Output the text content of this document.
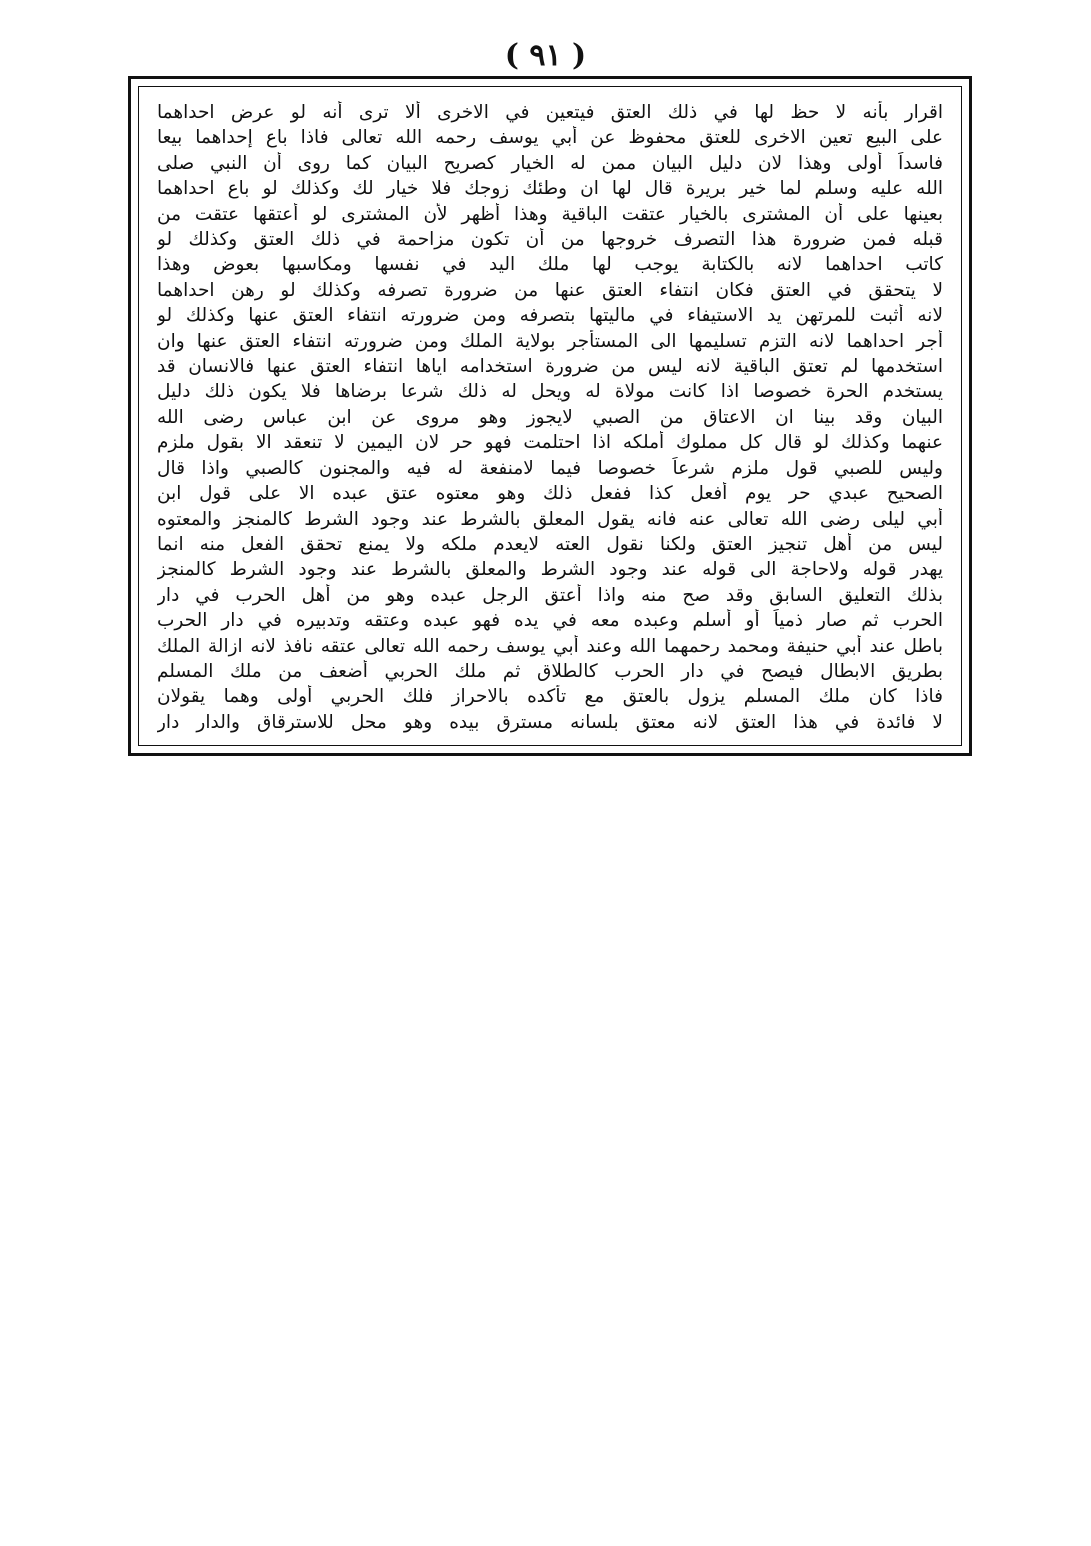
( ٩١ )
اقرار بأنه لا حظ لها في ذلك العتق فيتعين في الاخرى ألا ترى أنه لو عرض احداهما
على البيع تعين الاخرى للعتق محفوظ عن أبي يوسف رحمه الله تعالى فاذا باع إحداهما بيعا
فاسداً أولى وهذا لان دليل البيان ممن له الخيار كصريح البيان كما روى أن النبي صلى
الله عليه وسلم لما خير بريرة قال لها ان وطئك زوجك فلا خيار لك وكذلك لو باع احداهما
بعينها على أن المشترى بالخيار عتقت الباقية وهذا أظهر لأن المشترى لو أعتقها عتقت من
قبله فمن ضرورة هذا التصرف خروجها من أن تكون مزاحمة في ذلك العتق وكذلك لو
كاتب احداهما لانه بالكتابة يوجب لها ملك اليد في نفسها ومكاسبها بعوض وهذا
لا يتحقق في العتق فكان انتفاء العتق عنها من ضرورة تصرفه وكذلك لو رهن احداهما
لانه أثبت للمرتهن يد الاستيفاء في ماليتها بتصرفه ومن ضرورته انتفاء العتق عنها وكذلك لو
أجر احداهما لانه التزم تسليمها الى المستأجر بولاية الملك ومن ضرورته انتفاء العتق عنها وان
استخدمها لم تعتق الباقية لانه ليس من ضرورة استخدامه اياها انتفاء العتق عنها فالانسان قد
يستخدم الحرة خصوصا اذا كانت مولاة له ويحل له ذلك شرعا برضاها فلا يكون ذلك دليل
البيان وقد بينا ان الاعتاق من الصبي لايجوز وهو مروى عن ابن عباس رضى الله
عنهما وكذلك لو قال كل مملوك أملكه اذا احتلمت فهو حر لان اليمين لا تنعقد الا بقول ملزم
وليس للصبي قول ملزم شرعاً خصوصا فيما لامنفعة له فيه والمجنون كالصبي واذا قال
الصحيح عبدي حر يوم أفعل كذا ففعل ذلك وهو معتوه عتق عبده الا على قول ابن
أبي ليلى رضى الله تعالى عنه فانه يقول المعلق بالشرط عند وجود الشرط كالمنجز والمعتوه
ليس من أهل تنجيز العتق ولكنا نقول العته لايعدم ملكه ولا يمنع تحقق الفعل منه انما
يهدر قوله ولاحاجة الى قوله عند وجود الشرط والمعلق بالشرط عند وجود الشرط كالمنجز
بذلك التعليق السابق وقد صح منه واذا أعتق الرجل عبده وهو من أهل الحرب في دار
الحرب ثم صار ذمياً أو أسلم وعبده معه في يده فهو عبده وعتقه وتدبيره في دار الحرب
باطل عند أبي حنيفة ومحمد رحمهما الله وعند أبي يوسف رحمه الله تعالى عتقه نافذ لانه ازالة الملك
بطريق الابطال فيصح في دار الحرب كالطلاق ثم ملك الحربي أضعف من ملك المسلم
فاذا كان ملك المسلم يزول بالعتق مع تأكده بالاحراز فلك الحربي أولى وهما يقولان
لا فائدة في هذا العتق لانه معتق بلسانه مسترق بيده وهو محل للاسترقاق والدار دار
